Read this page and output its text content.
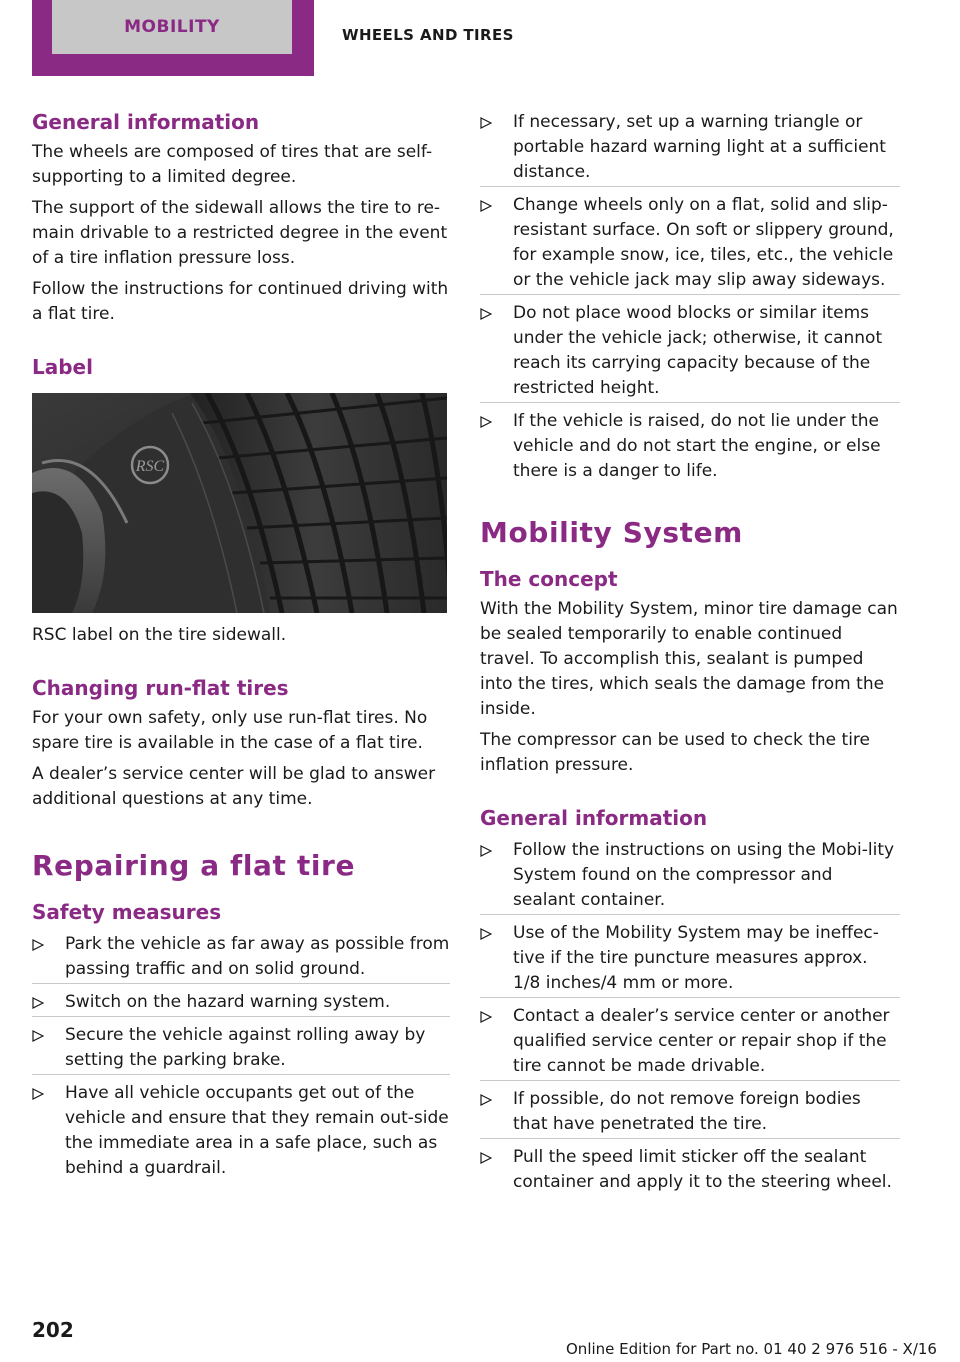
MOBILITY	WHEELS AND TIRES
General information

The wheels are composed of tires that are self-supporting to a limited degree.

The support of the sidewall allows the tire to re-main drivable to a restricted degree in the event of a tire inflation pressure loss.

Follow the instructions for continued driving with a flat tire.

Label
RSC

RSC label on the tire sidewall.

Changing run-flat tires

For your own safety, only use run-flat tires. No spare tire is available in the case of a flat tire.

A dealer’s service center will be glad to answer additional questions at any time.

Repairing a flat tire
Safety measures
Park the vehicle as far away as possible from passing traffic and on solid ground.
Switch on the hazard warning system.
Secure the vehicle against rolling away by setting the parking brake.
Have all vehicle occupants get out of the vehicle and ensure that they remain out-side the immediate area in a safe place, such as behind a guardrail.
If necessary, set up a warning triangle or portable hazard warning light at a sufficient distance.
Change wheels only on a flat, solid and slip-resistant surface. On soft or slippery ground, for example snow, ice, tiles, etc., the vehicle or the vehicle jack may slip away sideways.
Do not place wood blocks or similar items under the vehicle jack; otherwise, it cannot reach its carrying capacity because of the restricted height.
If the vehicle is raised, do not lie under the vehicle and do not start the engine, or else there is a danger to life.
Mobility System
The concept

With the Mobility System, minor tire damage can be sealed temporarily to enable continued travel. To accomplish this, sealant is pumped into the tires, which seals the damage from the inside.

The compressor can be used to check the tire inflation pressure.

General information
Follow the instructions on using the Mobi-lity System found on the compressor and sealant container.
Use of the Mobility System may be ineffec-tive if the tire puncture measures approx. 1/8 inches/4 mm or more.
Contact a dealer’s service center or another qualified service center or repair shop if the tire cannot be made drivable.
If possible, do not remove foreign bodies that have penetrated the tire.
Pull the speed limit sticker off the sealant container and apply it to the steering wheel.
202
Online Edition for Part no. 01 40 2 976 516 - X/16
